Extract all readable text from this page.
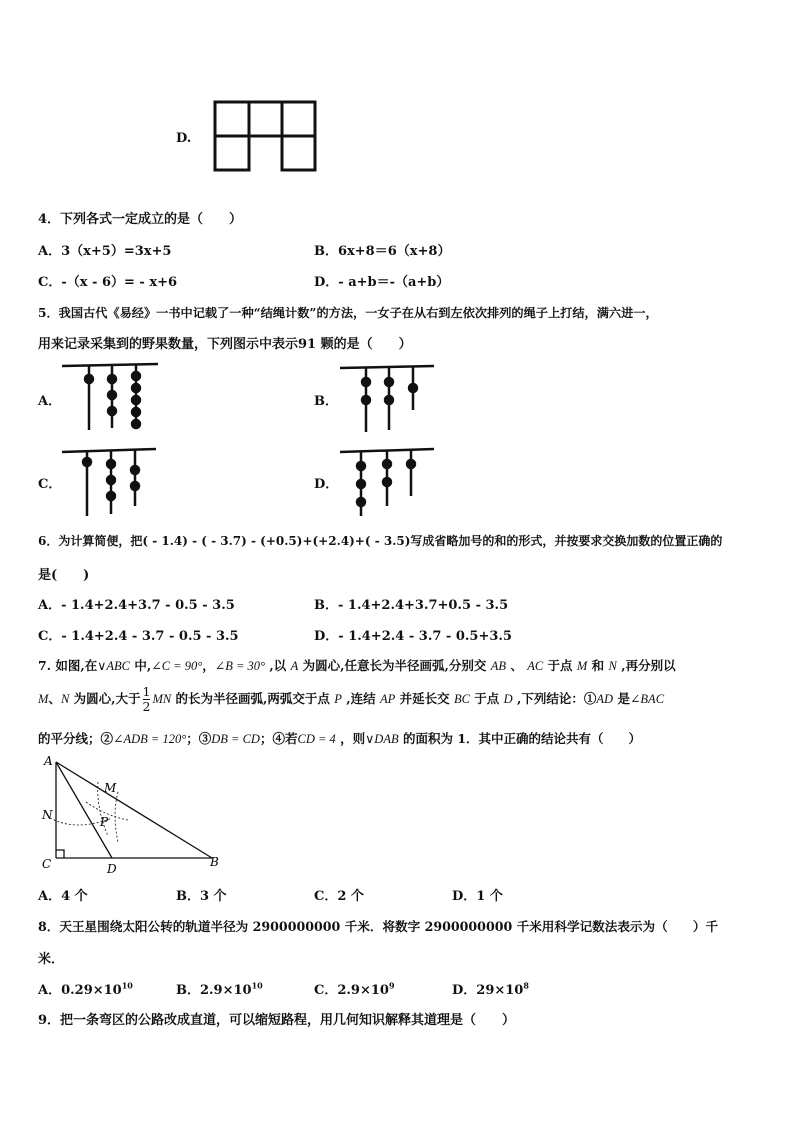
D.
4．下列各式一定成立的是（　　）
A．3（x+5）=3x+5	B．6x+8＝6（x+8）
C．-（x - 6）= - x+6	D．- a+b＝-（a+b）
5．我国古代《易经》一书中记载了一种“结绳计数”的方法，一女子在从右到左依次排列的绳子上打结，满六进一，
用来记录采集到的野果数量，下列图示中表示91 颗的是（　　）
A．	B．
C．	D．
6．为计算简便，把( - 1.4) - ( - 3.7) - (+0.5)+(+2.4)+( - 3.5)写成省略加号的和的形式，并按要求交换加数的位置正确的
是(　　)
A．- 1.4+2.4+3.7 - 0.5 - 3.5	B．- 1.4+2.4+3.7+0.5 - 3.5
C．- 1.4+2.4 - 3.7 - 0.5 - 3.5	D．- 1.4+2.4 - 3.7 - 0.5+3.5
7. 如图,在∨ABC 中,∠C = 90°，∠B = 30° ,以 A 为圆心,任意长为半径画弧,分别交 AB 、 AC 于点 M 和 N ,再分别以
M、N 为圆心,大于 $\frac{1}{2}$ MN 的长为半径画弧,两弧交于点 P ,连结 AP 并延长交 BC 于点 D ,下列结论：①AD 是∠BAC
的平分线；②∠ADB = 120°；③DB = CD；④若CD = 4 ，则∨DAB 的面积为 1．其中正确的结论共有（　　）
A
C	D	B
N
M
P
A．4 个	B．3 个	C．2 个	D．1 个
8．天王星围绕太阳公转的轨道半径为 2900000000 千米．将数字 2900000000 千米用科学记数法表示为（　　）千
米．
A．$0.29\times 10^{10}$	B．$2.9\times 10^{10}$	C．$2.9\times 10^9$	D．$29\times 10^8$
9．把一条弯区的公路改成直道，可以缩短路程，用几何知识解释其道理是（　　）
